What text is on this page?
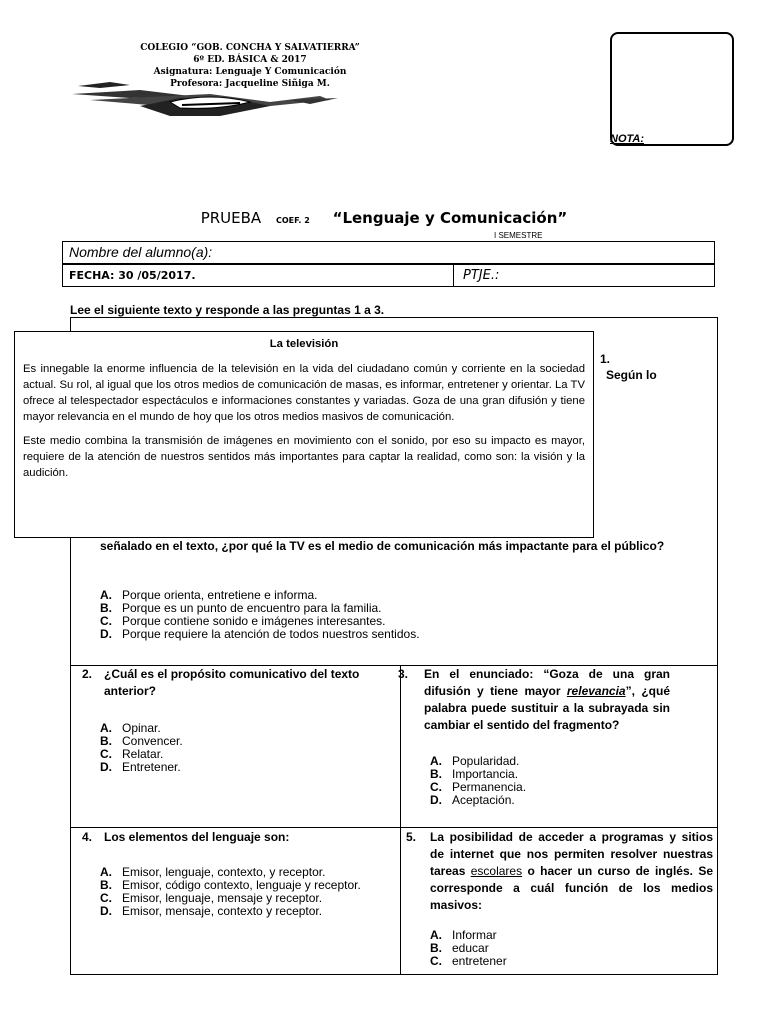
COLEGIO “GOB. CONCHA Y SALVATIERRA”
6º ED. BÁSICA & 2017
Asignatura: Lenguaje Y Comunicación
Profesora: Jacqueline Siñiga M.
NOTA:
PRUEBA COEF. 2 “Lenguaje y Comunicación”
I SEMESTRE
Nombre del alumno(a):
FECHA: 30 /05/2017.	PTJE.:
Lee el siguiente texto y responde a las preguntas 1 a 3.
1. Según lo
La televisión

Es innegable la enorme influencia de la televisión en la vida del ciudadano común y corriente en la sociedad actual. Su rol, al igual que los otros medios de comunicación de masas, es informar, entretener y orientar. La TV ofrece al telespectador espectáculos e informaciones constantes y variadas. Goza de una gran difusión y tiene mayor relevancia en el mundo de hoy que los otros medios masivos de comunicación.

Este medio combina la transmisión de imágenes en movimiento con el sonido, por eso su impacto es mayor, requiere de la atención de nuestros sentidos más importantes para captar la realidad, como son: la visión y la audición.

señalado en el texto, ¿por qué la TV es el medio de comunicación más impactante para el público?
A. Porque orienta, entretiene e informa.
B. Porque es un punto de encuentro para la familia.
C. Porque contiene sonido e imágenes interesantes.
D. Porque requiere la atención de todos nuestros sentidos.
2. ¿Cuál es el propósito comunicativo del texto anterior?
A. Opinar.
B. Convencer.
C. Relatar.
D. Entretener.
3.	En el enunciado: “Goza de una gran difusión y tiene mayor relevancia”, ¿qué palabra puede sustituir a la subrayada sin cambiar el sentido del fragmento?
A. Popularidad.
B. Importancia.
C. Permanencia.
D. Aceptación.
4. Los elementos del lenguaje son:
A. Emisor, lenguaje, contexto, y receptor.
B. Emisor, código contexto, lenguaje y receptor.
C. Emisor, lenguaje, mensaje y receptor.
D. Emisor, mensaje, contexto y receptor.
5.	La posibilidad de acceder a programas y sitios de internet que nos permiten resolver nuestras tareas escolares o hacer un curso de inglés. Se corresponde a cuál función de los medios masivos:
A. Informar
B. educar
C. entretener
